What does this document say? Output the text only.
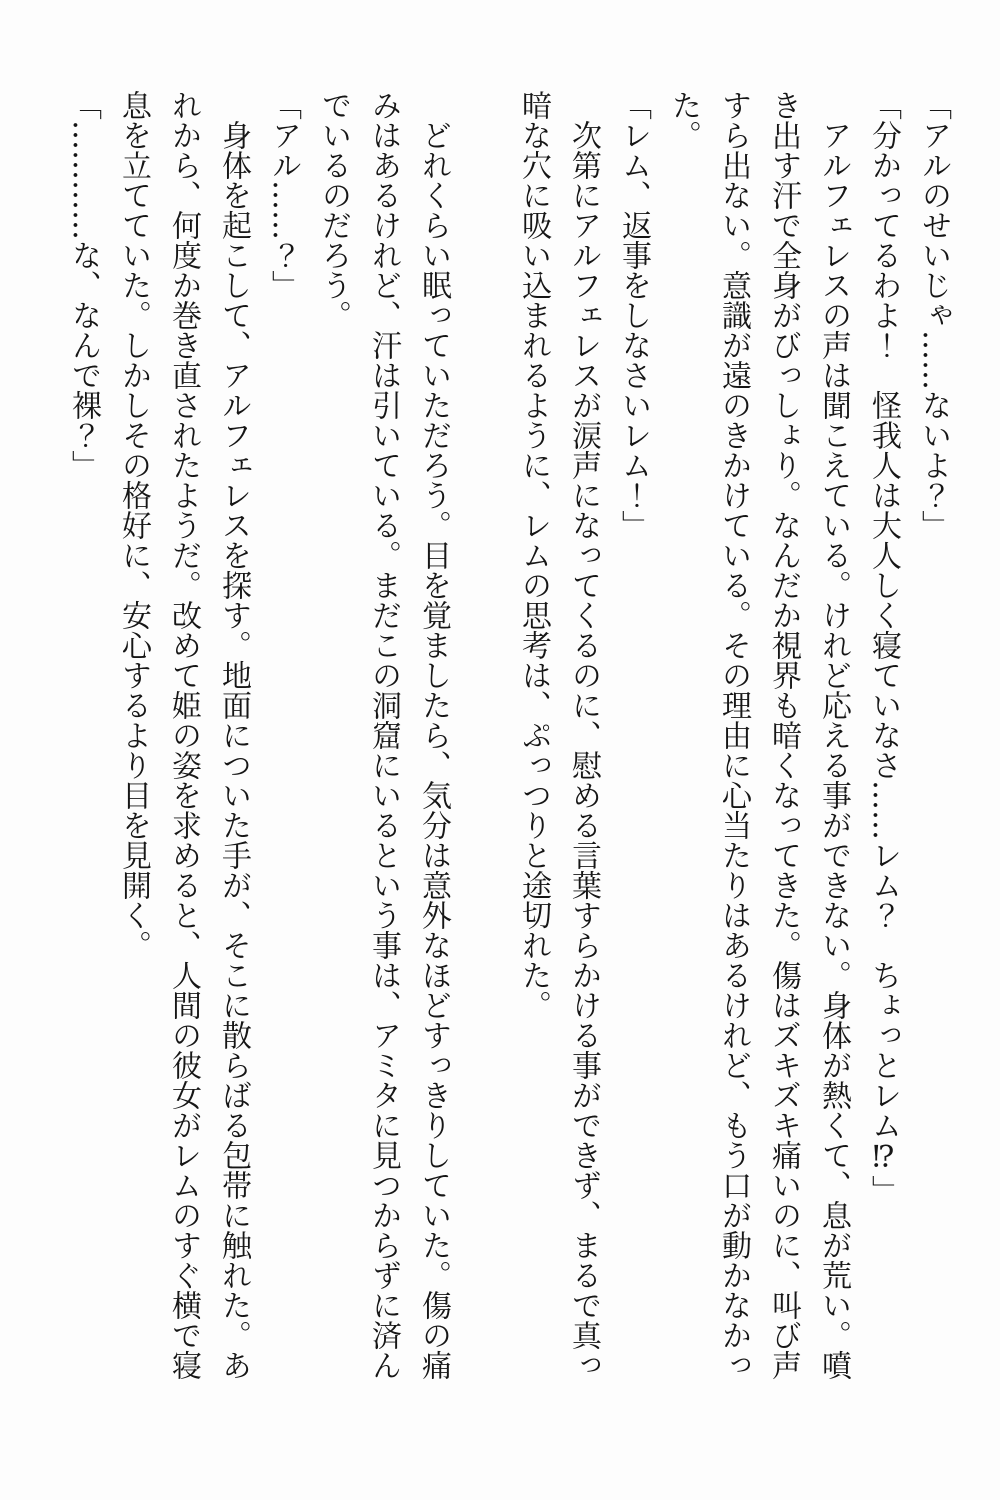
「アルのせいじゃ……ないよ？」

「分かってるわよ！　怪我人は大人しく寝ていなさ……レム？　ちょっとレム⁉」

　アルフェレスの声は聞こえている。けれど応える事ができない。身体が熱くて、息が荒い。噴き出す汗で全身がびっしょり。なんだか視界も暗くなってきた。傷はズキズキ痛いのに、叫び声すら出ない。意識が遠のきかけている。その理由に心当たりはあるけれど、もう口が動かなかった。

「レム、返事をしなさいレム！」

　次第にアルフェレスが涙声になってくるのに、慰める言葉すらかける事ができず、まるで真っ暗な穴に吸い込まれるように、レムの思考は、ぷっつりと途切れた。

　どれくらい眠っていただろう。目を覚ましたら、気分は意外なほどすっきりしていた。傷の痛みはあるけれど、汗は引いている。まだこの洞窟にいるという事は、アミタに見つからずに済んでいるのだろう。

「アル……？」

　身体を起こして、アルフェレスを探す。地面についた手が、そこに散らばる包帯に触れた。あれから、何度か巻き直されたようだ。改めて姫の姿を求めると、人間の彼女がレムのすぐ横で寝息を立てていた。しかしその格好に、安心するより目を見開く。

「…………な、なんで裸？」
